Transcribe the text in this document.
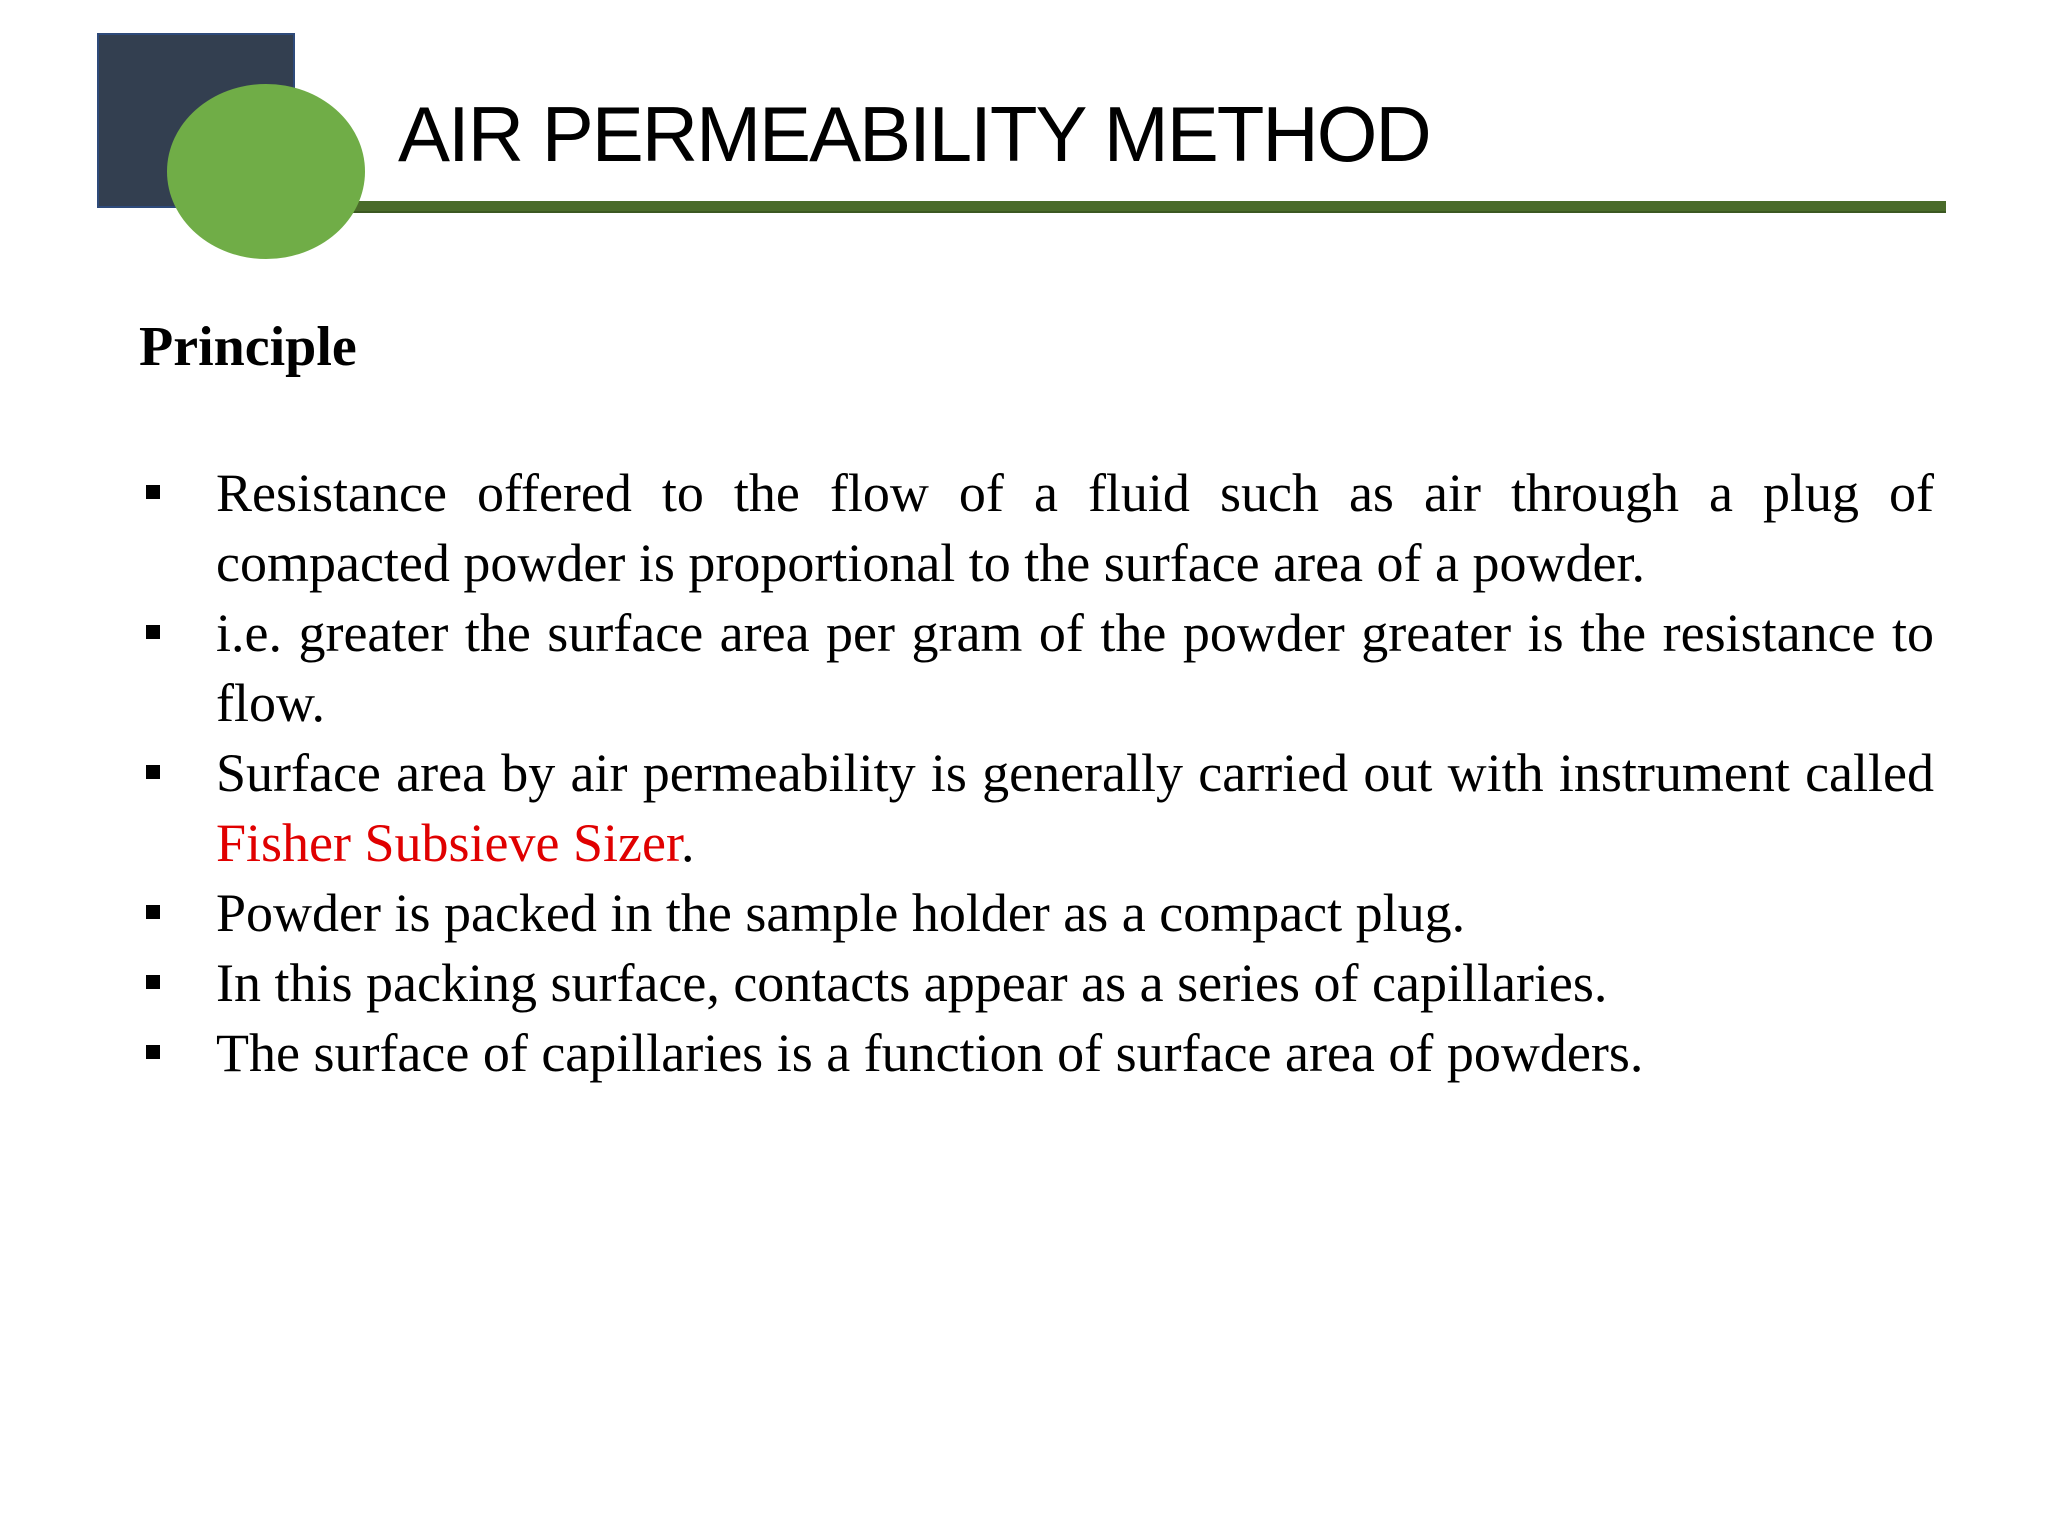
AIR PERMEABILITY METHOD
Principle
Resistance offered to the flow of a fluid such as air through a plug of compacted powder is proportional to the surface area of a powder.
i.e. greater the surface area per gram of the powder greater is the resistance to flow.
Surface area by air permeability is generally carried out with instrument called Fisher Subsieve Sizer.
Powder is packed in the sample holder as a compact plug.
In this packing surface, contacts appear as a series of capillaries.
The surface of capillaries is a function of surface area of powders.
